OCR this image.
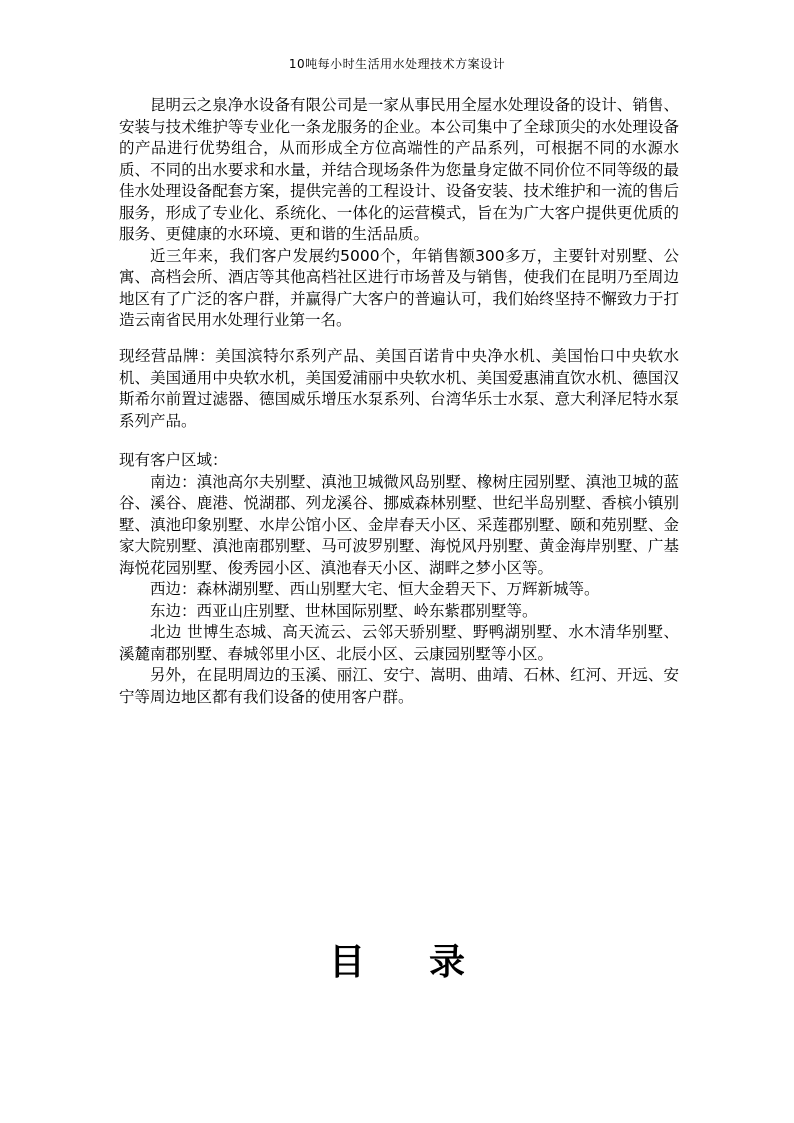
10吨每小时生活用水处理技术方案设计

昆明云之泉净水设备有限公司是一家从事民用全屋水处理设备的设计、销售、安装与技术维护等专业化一条龙服务的企业。本公司集中了全球顶尖的水处理设备的产品进行优势组合，从而形成全方位高端性的产品系列，可根据不同的水源水质、不同的出水要求和水量，并结合现场条件为您量身定做不同价位不同等级的最佳水处理设备配套方案，提供完善的工程设计、设备安装、技术维护和一流的售后服务，形成了专业化、系统化、一体化的运营模式，旨在为广大客户提供更优质的服务、更健康的水环境、更和谐的生活品质。

近三年来，我们客户发展约5000个，年销售额300多万，主要针对别墅、公寓、高档会所、酒店等其他高档社区进行市场普及与销售，使我们在昆明乃至周边地区有了广泛的客户群，并赢得广大客户的普遍认可，我们始终坚持不懈致力于打造云南省民用水处理行业第一名。

现经营品牌：美国滨特尔系列产品、美国百诺肯中央净水机、美国怡口中央软水机、美国通用中央软水机，美国爱浦丽中央软水机、美国爱惠浦直饮水机、德国汉斯希尔前置过滤器、德国威乐增压水泵系列、台湾华乐士水泵、意大利泽尼特水泵系列产品。

现有客户区域：

南边：滇池高尔夫别墅、滇池卫城微风岛别墅、橡树庄园别墅、滇池卫城的蓝谷、溪谷、鹿港、悦湖郡、列龙溪谷、挪威森林别墅、世纪半岛别墅、香槟小镇别墅、滇池印象别墅、水岸公馆小区、金岸春天小区、采莲郡别墅、颐和苑别墅、金家大院别墅、滇池南郡别墅、马可波罗别墅、海悦风丹别墅、黄金海岸别墅、广基海悦花园别墅、俊秀园小区、滇池春天小区、湖畔之梦小区等。

西边：森林湖别墅、西山别墅大宅、恒大金碧天下、万辉新城等。

东边：西亚山庄别墅、世林国际别墅、岭东紫郡别墅等。

北边 世博生态城、高天流云、云邻天骄别墅、野鸭湖别墅、水木清华别墅、溪麓南郡别墅、春城邻里小区、北辰小区、云康园别墅等小区。

另外，在昆明周边的玉溪、丽江、安宁、嵩明、曲靖、石林、红河、开远、安宁等周边地区都有我们设备的使用客户群。

目 录
